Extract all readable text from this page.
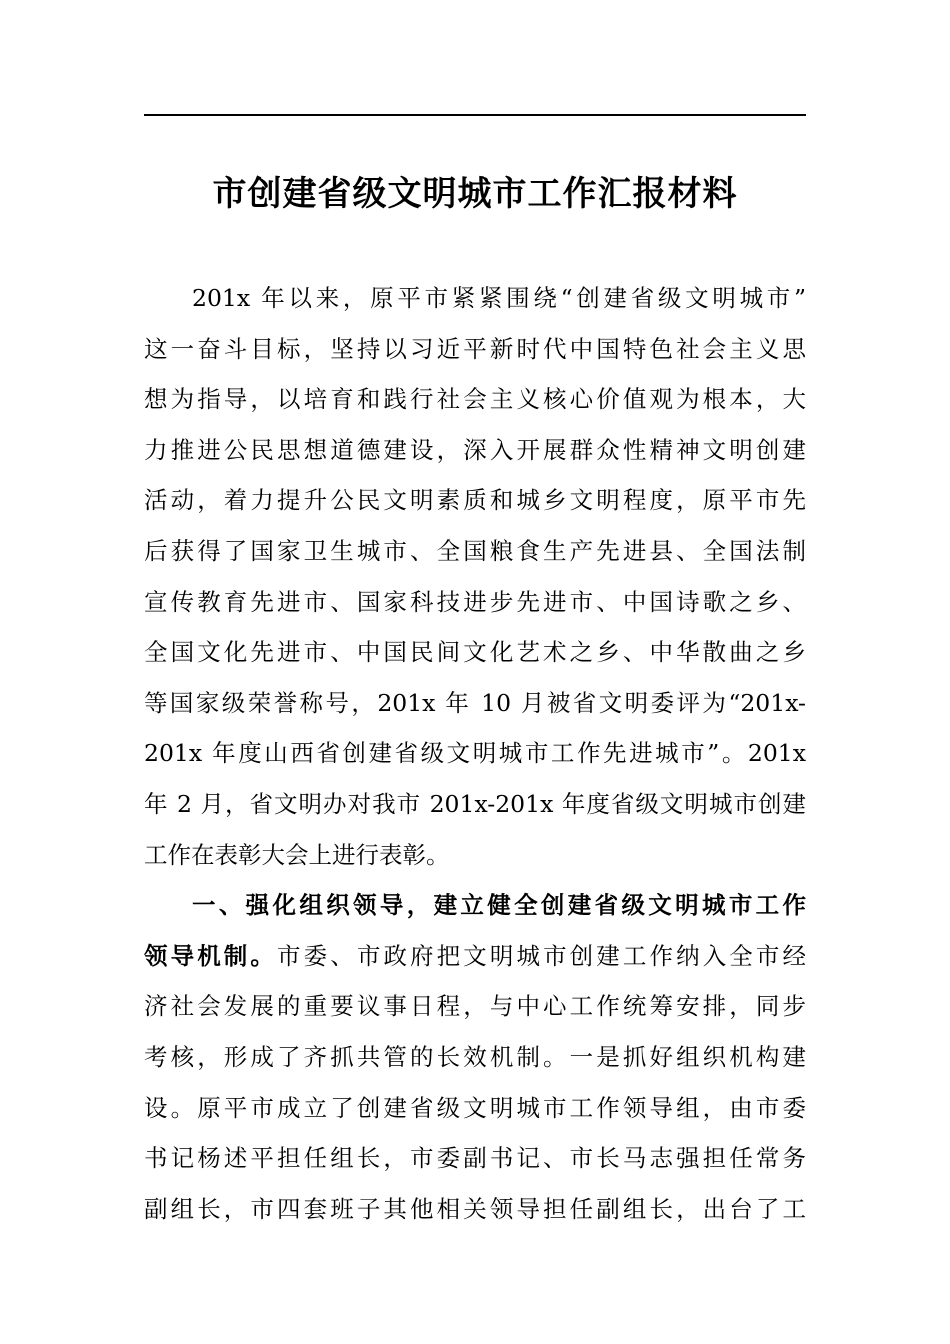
市创建省级文明城市工作汇报材料
201x 年以来，原平市紧紧围绕“创建省级文明城市”
这一奋斗目标，坚持以习近平新时代中国特色社会主义思
想为指导，以培育和践行社会主义核心价值观为根本，大
力推进公民思想道德建设，深入开展群众性精神文明创建
活动，着力提升公民文明素质和城乡文明程度，原平市先
后获得了国家卫生城市、全国粮食生产先进县、全国法制
宣传教育先进市、国家科技进步先进市、中国诗歌之乡、
全国文化先进市、中国民间文化艺术之乡、中华散曲之乡
等国家级荣誉称号，201x 年 10 月被省文明委评为“201x-
201x 年度山西省创建省级文明城市工作先进城市”。201x
年 2 月，省文明办对我市 201x-201x 年度省级文明城市创建
工作在表彰大会上进行表彰。
一、强化组织领导，建立健全创建省级文明城市工作
领导机制。市委、市政府把文明城市创建工作纳入全市经
济社会发展的重要议事日程，与中心工作统筹安排，同步
考核，形成了齐抓共管的长效机制。一是抓好组织机构建
设。原平市成立了创建省级文明城市工作领导组，由市委
书记杨述平担任组长，市委副书记、市长马志强担任常务
副组长，市四套班子其他相关领导担任副组长，出台了工
